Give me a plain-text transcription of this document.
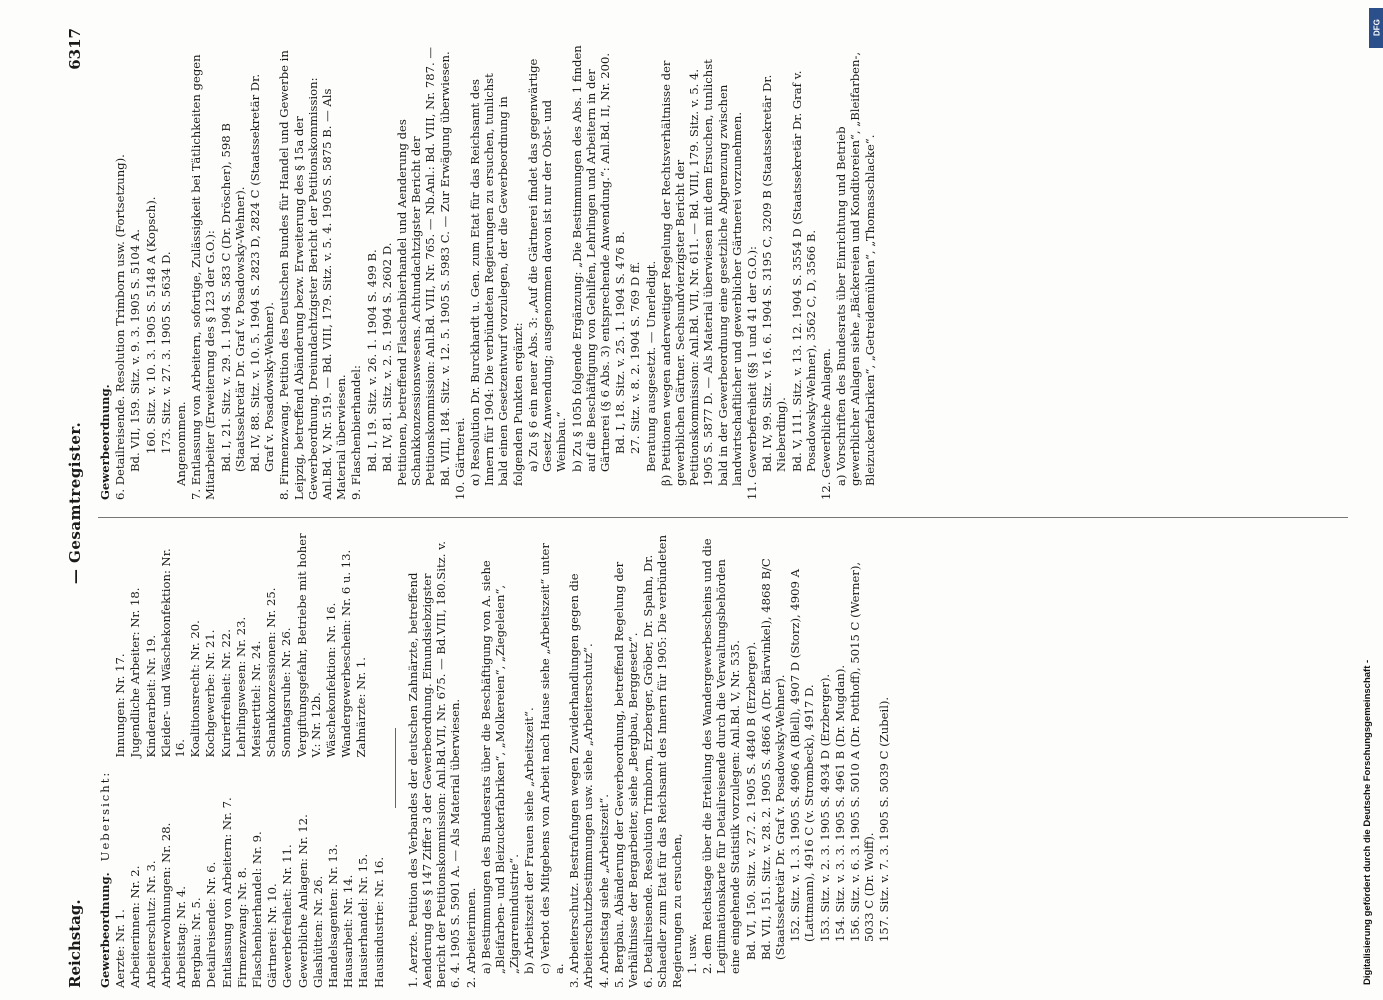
Reichstag.
— Gesamtregister.
6317
Gewerbeordnung.   Uebersicht:
Aerzte: Nr. 1. Arbeiterinnen: Nr. 2. Arbeiterschutz: Nr. 3. Arbeiterwohnungen: Nr. 28. Arbeitstag: Nr. 4. Bergbau: Nr. 5. Detailreisende: Nr. 6. Entlassung von Arbeitern: Nr. 7. Firmenzwang: Nr. 8. Flaschenbierhandel: Nr. 9. Gärtnerei: Nr. 10. Gewerbefreiheit: Nr. 11. Gewerbliche Anlagen: Nr. 12. Glashütten: Nr. 26. Handelsagenten: Nr. 13. Hausarbeit: Nr. 14. Hausierhandel: Nr. 15. Hausindustrie: Nr. 16.
Innungen: Nr. 17. Jugendliche Arbeiter: Nr. 18. Kinderarbeit: Nr. 19. Kleider- und Wäschekonfektion: Nr. 16. Koalitionsrecht: Nr. 20. Kochgewerbe: Nr. 21. Kurierfreiheit: Nr. 22. Lehrlingswesen: Nr. 23. Meistertitel: Nr. 24. Schankkonzessionen: Nr. 25. Sonntagsruhe: Nr. 26. Vergiftungsgefahr, Betriebe mit hoher V.: Nr. 12b. Wäschekonfektion: Nr. 16. Wandergewerbeschein: Nr. 6 u. 13. Zahnärzte: Nr. 1.	1. Aerzte. Petition des Verbandes der deutschen Zahnärzte, betreffend Aenderung des § 147 Ziffer 3 der Gewerbeordnung. Einundsiebzigster Bericht der Petitionskommission: Anl.Bd.VII, Nr. 675. — Bd.VIII, 180.Sitz. v. 6. 4. 1905 S. 5901 A. — Als Material überwiesen. 2. Arbeiterinnen. a) Bestimmungen des Bundesrats über die Beschäftigung von A. siehe „Bleifarben- und Bleizuckerfabriken“, „Molkereien“, „Ziegeleien“, „Zigarrenindustrie“. b) Arbeitszeit der Frauen siehe „Arbeitszeit“. c) Verbot des Mitgebens von Arbeit nach Hause siehe „Arbeitszeit“ unter a. 3. Arbeiterschutz. Bestrafungen wegen Zuwiderhandlungen gegen die Arbeiterschutzbestimmungen usw. siehe „Arbeiterschutz“. 4. Arbeitstag siehe „Arbeitszeit“. 5. Bergbau. Abänderung der Gewerbeordnung, betreffend Regelung der Verhältnisse der Bergarbeiter, siehe „Bergbau, Berggesetz“. 6. Detailreisende. Resolution Trimborn, Erzberger, Gröber, Dr. Spahn, Dr. Schaedler zum Etat für das Reichsamt des Innern für 1905: Die verbündeten Regierungen zu ersuchen, 1. usw. 2. dem Reichstage über die Erteilung des Wandergewerbescheins und die Legitimationskarte für Detailreisende durch die Verwaltungsbehörden eine eingehende Statistik vorzulegen: Anl.Bd. V, Nr. 535. Bd. VI, 150. Sitz. v. 27. 2. 1905 S. 4840 B (Erzberger). Bd. VII, 151. Sitz. v. 28. 2. 1905 S. 4866 A (Dr. Bärwinkel), 4868 B/C (Staatssekretär Dr. Graf v. Posadowsky-Wehner). 152. Sitz. v. 1. 3. 1905 S. 4906 A (Blell), 4907 D (Storz), 4909 A (Lattmann), 4916 C (v. Strombeck), 4917 D. 153. Sitz. v. 2. 3. 1905 S. 4934 D (Erzberger). 154. Sitz. v. 3. 3. 1905 S. 4961 B (Dr. Mugdan). 156. Sitz. v. 6. 3. 1905 S. 5010 A (Dr. Potthoff), 5015 C (Werner), 5033 C (Dr. Wolff). 157. Sitz. v. 7. 3. 1905 S. 5039 C (Zubeil).
Gewerbeordnung. 6. Detailreisende. Resolution Trimborn usw. (Fortsetzung). Bd. VII, 159. Sitz. v. 9. 3. 1905 S. 5104 A. 160. Sitz. v. 10. 3. 1905 S. 5148 A (Kopsch). 173. Sitz. v. 27. 3. 1905 S. 5634 D. Angenommen. 7. Entlassung von Arbeitern, sofortige, Zulässigkeit bei Tätlichkeiten gegen Mitarbeiter (Erweiterung des § 123 der G.O.): Bd. I, 21. Sitz. v. 29. 1. 1904 S. 583 C (Dr. Dröscher), 598 B (Staatssekretär Dr. Graf v. Posadowsky-Wehner). Bd. IV, 88. Sitz. v. 10. 5. 1904 S. 2823 D, 2824 C (Staatssekretär Dr. Graf v. Posadowsky-Wehner). 8. Firmenzwang. Petition des Deutschen Bundes für Handel und Gewerbe in Leipzig, betreffend Abänderung bezw. Erweiterung des § 15a der Gewerbeordnung. Dreiundachtzigster Bericht der Petitionskommission: Anl.Bd. V, Nr. 519. — Bd. VIII, 179. Sitz. v. 5. 4. 1905 S. 5875 B. — Als Material überwiesen. 9. Flaschenbierhandel: Bd. I, 19. Sitz. v. 26. 1. 1904 S. 499 B. Bd. IV, 81. Sitz. v. 2. 5. 1904 S. 2602 D. Petitionen, betreffend Flaschenbierhandel und Aenderung des Schankkonzessionswesens. Achtundachtzigster Bericht der Petitionskommission: Anl.Bd. VIII, Nr. 765. — Nb.Anl.: Bd. VIII, Nr. 787. — Bd. VIII, 184. Sitz. v. 12. 5. 1905 S. 5983 C. — Zur Erwägung überwiesen. 10. Gärtnerei. α) Resolution Dr. Burckhardt u. Gen. zum Etat für das Reichsamt des Innern für 1904: Die verbündeten Regierungen zu ersuchen, tunlichst bald einen Gesetzentwurf vorzulegen, der die Gewerbeordnung in folgenden Punkten ergänzt: a) Zu § 6 ein neuer Abs. 3: „Auf die Gärtnerei findet das gegenwärtige Gesetz Anwendung; ausgenommen davon ist nur der Obst- und Weinbau.“ b) Zu § 105b folgende Ergänzung: „Die Bestimmungen des Abs. 1 finden auf die Beschäftigung von Gehilfen, Lehrlingen und Arbeitern in der Gärtnerei (§ 6 Abs. 3) entsprechende Anwendung.“: Anl.Bd. II, Nr. 200. Bd. I, 18. Sitz. v. 25. 1. 1904 S. 476 B. 27. Sitz. v. 8. 2. 1904 S. 769 D ff. Beratung ausgesetzt. — Unerledigt. β) Petitionen wegen anderweitiger Regelung der Rechtsverhältnisse der gewerblichen Gärtner. Sechsundvierzigster Bericht der Petitionskommission: Anl.Bd. VII, Nr. 611. — Bd. VIII, 179. Sitz. v. 5. 4. 1905 S. 5877 D. — Als Material überwiesen mit dem Ersuchen, tunlichst bald in der Gewerbeordnung eine gesetzliche Abgrenzung zwischen landwirtschaftlicher und gewerblicher Gärtnerei vorzunehmen. 11. Gewerbefreiheit (§§ 1 und 41 der G.O.): Bd. IV, 99. Sitz. v. 16. 6. 1904 S. 3195 C, 3209 B (Staatssekretär Dr. Nieberding). Bd. V, 111. Sitz. v. 13. 12. 1904 S. 3554 D (Staatssekretär Dr. Graf v. Posadowsky-Wehner), 3562 C, D, 3566 B. 12. Gewerbliche Anlagen. a) Vorschriften des Bundesrats über Einrichtung und Betrieb gewerblicher Anlagen siehe „Bäckereien und Konditoreien“, „Bleifarben-, Bleizuckerfabriken“, „Getreidemühlen“, „Thomasschlacke“.
Digitalisierung gefördert durch die Deutsche Forschungsgemeinschaft -
DFG
